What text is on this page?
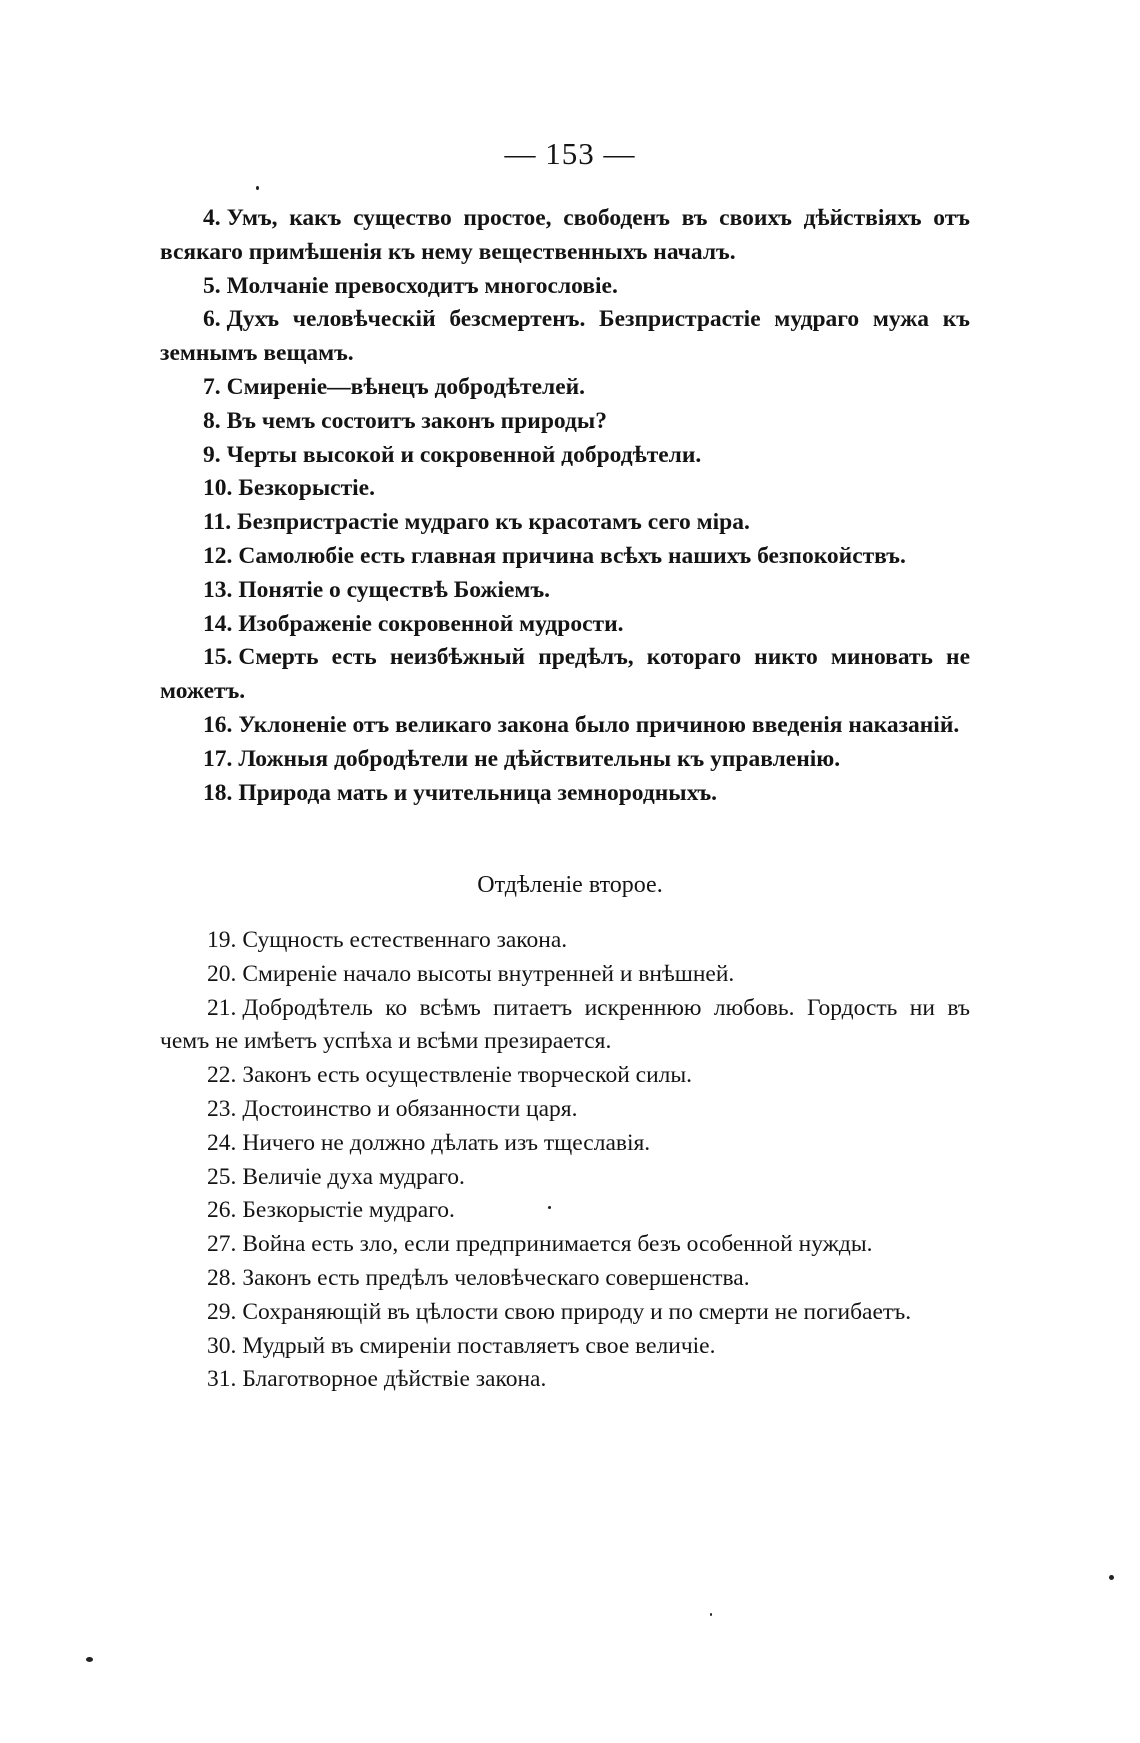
— 153 —

4. Умъ, какъ существо простое, свободенъ въ своихъ дѣйствіяхъ отъ всякаго примѣшенія къ нему вещественныхъ началъ.

5. Молчаніе превосходитъ многословіе.

6. Духъ человѣческій безсмертенъ. Безпристрастіе мудраго мужа къ земнымъ вещамъ.

7. Смиреніе—вѣнецъ добродѣтелей.

8. Въ чемъ состоитъ законъ природы?

9. Черты высокой и сокровенной добродѣтели.

10. Безкорыстіе.

11. Безпристрастіе мудраго къ красотамъ сего міра.

12. Самолюбіе есть главная причина всѣхъ нашихъ безпокойствъ.

13. Понятіе о существѣ Божіемъ.

14. Изображеніе сокровенной мудрости.

15. Смерть есть неизбѣжный предѣлъ, котораго никто миновать не можетъ.

16. Уклоненіе отъ великаго закона было причиною введенія наказаній.

17. Ложныя добродѣтели не дѣйствительны къ управленію.

18. Природа мать и учительница земнородныхъ.

Отдѣленіе второе.

19. Сущность естественнаго закона.

20. Смиреніе начало высоты внутренней и внѣшней.

21. Добродѣтель ко всѣмъ питаетъ искреннюю любовь. Гордость ни въ чемъ не имѣетъ успѣха и всѣми презирается.

22. Законъ есть осуществленіе творческой силы.

23. Достоинство и обязанности царя.

24. Ничего не должно дѣлать изъ тщеславія.

25. Величіе духа мудраго.

26. Безкорыстіе мудраго.

27. Война есть зло, если предпринимается безъ особенной нужды.

28. Законъ есть предѣлъ человѣческаго совершенства.

29. Сохраняющій въ цѣлости свою природу и по смерти не погибаетъ.

30. Мудрый въ смиреніи поставляетъ свое величіе.

31. Благотворное дѣйствіе закона.
